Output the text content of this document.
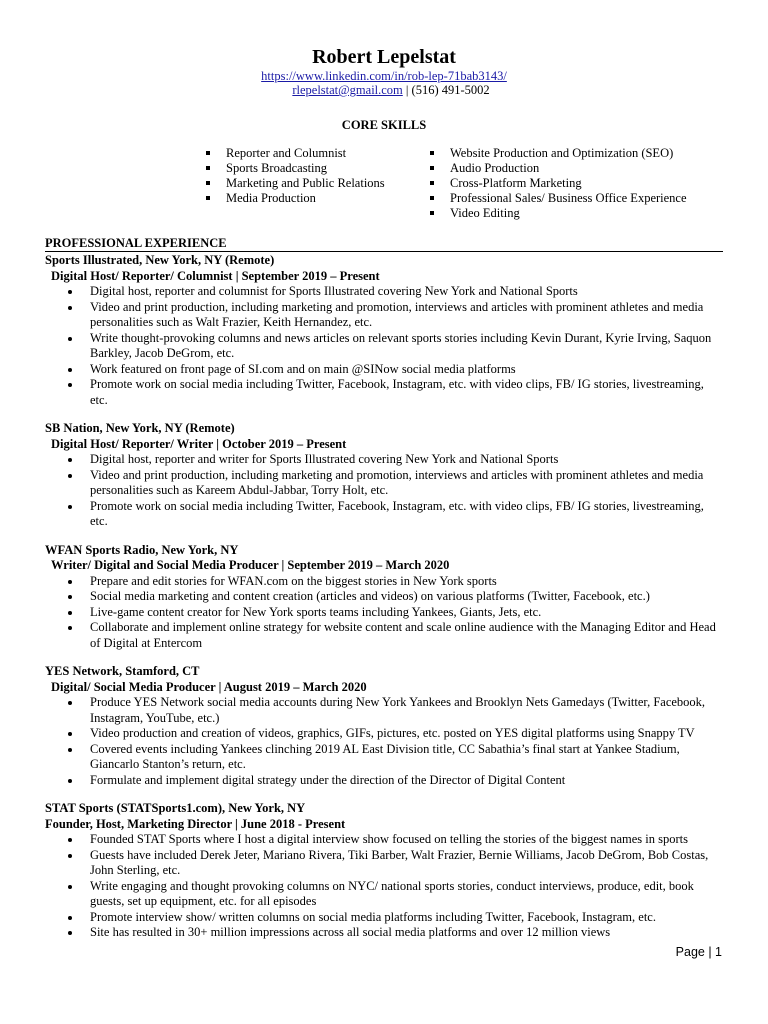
Robert Lepelstat
https://www.linkedin.com/in/rob-lep-71bab3143/
rlepelstat@gmail.com | (516) 491-5002
CORE SKILLS
Reporter and Columnist
Sports Broadcasting
Marketing and Public Relations
Media Production
Website Production and Optimization (SEO)
Audio Production
Cross-Platform Marketing
Professional Sales/ Business Office Experience
Video Editing
PROFESSIONAL EXPERIENCE
Sports Illustrated, New York, NY (Remote)
Digital Host/ Reporter/ Columnist | September 2019 – Present
Digital host, reporter and columnist for Sports Illustrated covering New York and National Sports
Video and print production, including marketing and promotion, interviews and articles with prominent athletes and media personalities such as Walt Frazier, Keith Hernandez, etc.
Write thought-provoking columns and news articles on relevant sports stories including Kevin Durant, Kyrie Irving, Saquon Barkley, Jacob DeGrom, etc.
Work featured on front page of SI.com and on main @SINow social media platforms
Promote work on social media including Twitter, Facebook, Instagram, etc. with video clips, FB/ IG stories, livestreaming, etc.
SB Nation, New York, NY (Remote)
Digital Host/ Reporter/ Writer | October 2019 – Present
Digital host, reporter and writer for Sports Illustrated covering New York and National Sports
Video and print production, including marketing and promotion, interviews and articles with prominent athletes and media personalities such as Kareem Abdul-Jabbar, Torry Holt, etc.
Promote work on social media including Twitter, Facebook, Instagram, etc. with video clips, FB/ IG stories, livestreaming, etc.
WFAN Sports Radio, New York, NY
Writer/ Digital and Social Media Producer | September 2019 – March 2020
Prepare and edit stories for WFAN.com on the biggest stories in New York sports
Social media marketing and content creation (articles and videos) on various platforms (Twitter, Facebook, etc.)
Live-game content creator for New York sports teams including Yankees, Giants, Jets, etc.
Collaborate and implement online strategy for website content and scale online audience with the Managing Editor and Head of Digital at Entercom
YES Network, Stamford, CT
Digital/ Social Media Producer | August 2019 – March 2020
Produce YES Network social media accounts during New York Yankees and Brooklyn Nets Gamedays (Twitter, Facebook, Instagram, YouTube, etc.)
Video production and creation of videos, graphics, GIFs, pictures, etc. posted on YES digital platforms using Snappy TV
Covered events including Yankees clinching 2019 AL East Division title, CC Sabathia’s final start at Yankee Stadium, Giancarlo Stanton’s return, etc.
Formulate and implement digital strategy under the direction of the Director of Digital Content
STAT Sports (STATSports1.com), New York, NY
Founder, Host, Marketing Director | June 2018 - Present
Founded STAT Sports where I host a digital interview show focused on telling the stories of the biggest names in sports
Guests have included Derek Jeter, Mariano Rivera, Tiki Barber, Walt Frazier, Bernie Williams, Jacob DeGrom, Bob Costas, John Sterling, etc.
Write engaging and thought provoking columns on NYC/ national sports stories, conduct interviews, produce, edit, book guests, set up equipment, etc. for all episodes
Promote interview show/ written columns on social media platforms including Twitter, Facebook, Instagram, etc.
Site has resulted in 30+ million impressions across all social media platforms and over 12 million views
Page | 1
